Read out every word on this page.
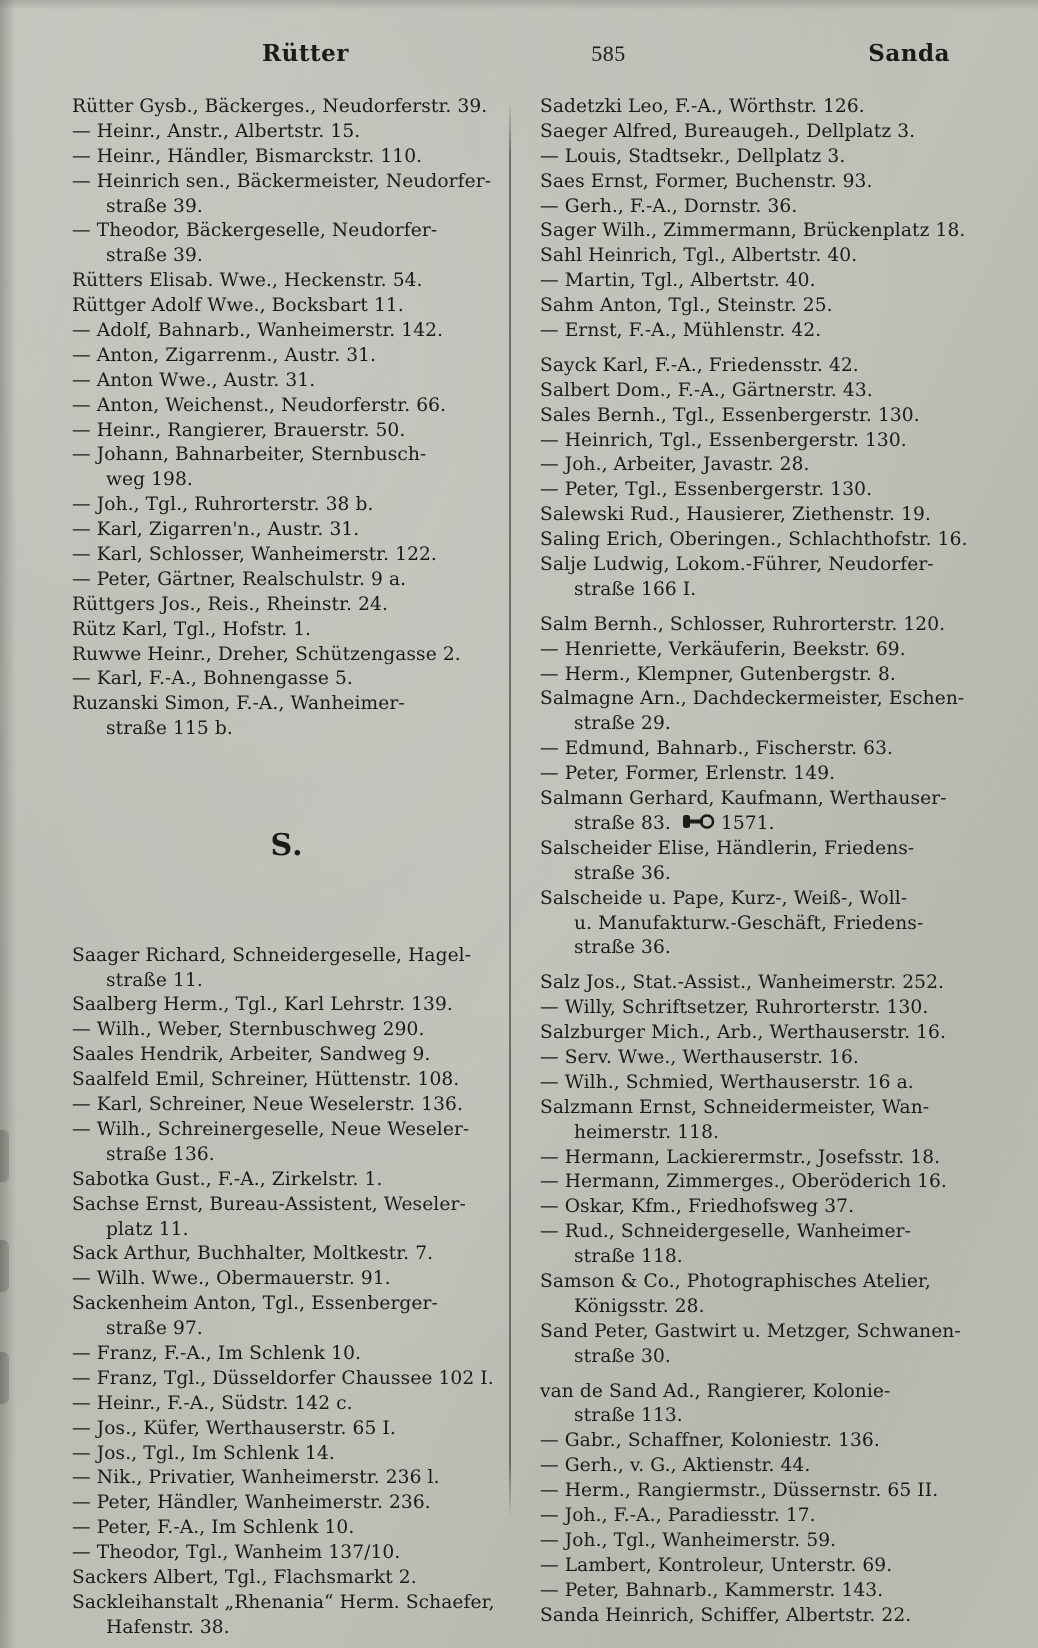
Rütter	585	Sanda
Rütter Gysb., Bäckerges., Neudorferstr. 39.
— Heinr., Anstr., Albertstr. 15.
— Heinr., Händler, Bismarckstr. 110.
— Heinrich sen., Bäckermeister, Neudorfer-
straße 39.
— Theodor, Bäckergeselle, Neudorfer-
straße 39.
Rütters Elisab. Wwe., Heckenstr. 54.
Rüttger Adolf Wwe., Bocksbart 11.
— Adolf, Bahnarb., Wanheimerstr. 142.
— Anton, Zigarrenm., Austr. 31.
— Anton Wwe., Austr. 31.
— Anton, Weichenst., Neudorferstr. 66.
— Heinr., Rangierer, Brauerstr. 50.
— Johann, Bahnarbeiter, Sternbusch-
weg 198.
— Joh., Tgl., Ruhrorterstr. 38 b.
— Karl, Zigarren'n., Austr. 31.
— Karl, Schlosser, Wanheimerstr. 122.
— Peter, Gärtner, Realschulstr. 9 a.
Rüttgers Jos., Reis., Rheinstr. 24.
Rütz Karl, Tgl., Hofstr. 1.
Ruwwe Heinr., Dreher, Schützengasse 2.
— Karl, F.-A., Bohnengasse 5.
Ruzanski Simon, F.-A., Wanheimer-
straße 115 b.
S.
Saager Richard, Schneidergeselle, Hagel-
straße 11.
Saalberg Herm., Tgl., Karl Lehrstr. 139.
— Wilh., Weber, Sternbuschweg 290.
Saales Hendrik, Arbeiter, Sandweg 9.
Saalfeld Emil, Schreiner, Hüttenstr. 108.
— Karl, Schreiner, Neue Weselerstr. 136.
— Wilh., Schreinergeselle, Neue Weseler-
straße 136.
Sabotka Gust., F.-A., Zirkelstr. 1.
Sachse Ernst, Bureau-Assistent, Weseler-
platz 11.
Sack Arthur, Buchhalter, Moltkestr. 7.
— Wilh. Wwe., Obermauerstr. 91.
Sackenheim Anton, Tgl., Essenberger-
straße 97.
— Franz, F.-A., Im Schlenk 10.
— Franz, Tgl., Düsseldorfer Chaussee 102 I.
— Heinr., F.-A., Südstr. 142 c.
— Jos., Küfer, Werthauserstr. 65 I.
— Jos., Tgl., Im Schlenk 14.
— Nik., Privatier, Wanheimerstr. 236 l.
— Peter, Händler, Wanheimerstr. 236.
— Peter, F.-A., Im Schlenk 10.
— Theodor, Tgl., Wanheim 137/10.
Sackers Albert, Tgl., Flachsmarkt 2.
Sackleihanstalt „Rhenania“ Herm. Schaefer,
Hafenstr. 38.
Sadetzki Leo, F.-A., Wörthstr. 126.
Saeger Alfred, Bureaugeh., Dellplatz 3.
— Louis, Stadtsekr., Dellplatz 3.
Saes Ernst, Former, Buchenstr. 93.
— Gerh., F.-A., Dornstr. 36.
Sager Wilh., Zimmermann, Brückenplatz 18.
Sahl Heinrich, Tgl., Albertstr. 40.
— Martin, Tgl., Albertstr. 40.
Sahm Anton, Tgl., Steinstr. 25.
— Ernst, F.-A., Mühlenstr. 42.
Sayck Karl, F.-A., Friedensstr. 42.
Salbert Dom., F.-A., Gärtnerstr. 43.
Sales Bernh., Tgl., Essenbergerstr. 130.
— Heinrich, Tgl., Essenbergerstr. 130.
— Joh., Arbeiter, Javastr. 28.
— Peter, Tgl., Essenbergerstr. 130.
Salewski Rud., Hausierer, Ziethenstr. 19.
Saling Erich, Oberingen., Schlachthofstr. 16.
Salje Ludwig, Lokom.-Führer, Neudorfer-
straße 166 I.
Salm Bernh., Schlosser, Ruhrorterstr. 120.
— Henriette, Verkäuferin, Beekstr. 69.
— Herm., Klempner, Gutenbergstr. 8.
Salmagne Arn., Dachdeckermeister, Eschen-
straße 29.
— Edmund, Bahnarb., Fischerstr. 63.
— Peter, Former, Erlenstr. 149.
Salmann Gerhard, Kaufmann, Werthauser-
straße 83.	1571.
Salscheider Elise, Händlerin, Friedens-
straße 36.
Salscheide u. Pape, Kurz-, Weiß-, Woll-
u. Manufakturw.-Geschäft, Friedens-
straße 36.
Salz Jos., Stat.-Assist., Wanheimerstr. 252.
— Willy, Schriftsetzer, Ruhrorterstr. 130.
Salzburger Mich., Arb., Werthauserstr. 16.
— Serv. Wwe., Werthauserstr. 16.
— Wilh., Schmied, Werthauserstr. 16 a.
Salzmann Ernst, Schneidermeister, Wan-
heimerstr. 118.
— Hermann, Lackierermstr., Josefsstr. 18.
— Hermann, Zimmerges., Oberöderich 16.
— Oskar, Kfm., Friedhofsweg 37.
— Rud., Schneidergeselle, Wanheimer-
straße 118.
Samson & Co., Photographisches Atelier,
Königsstr. 28.
Sand Peter, Gastwirt u. Metzger, Schwanen-
straße 30.
van de Sand Ad., Rangierer, Kolonie-
straße 113.
— Gabr., Schaffner, Koloniestr. 136.
— Gerh., v. G., Aktienstr. 44.
— Herm., Rangiermstr., Düssernstr. 65 II.
— Joh., F.-A., Paradiesstr. 17.
— Joh., Tgl., Wanheimerstr. 59.
— Lambert, Kontroleur, Unterstr. 69.
— Peter, Bahnarb., Kammerstr. 143.
Sanda Heinrich, Schiffer, Albertstr. 22.
